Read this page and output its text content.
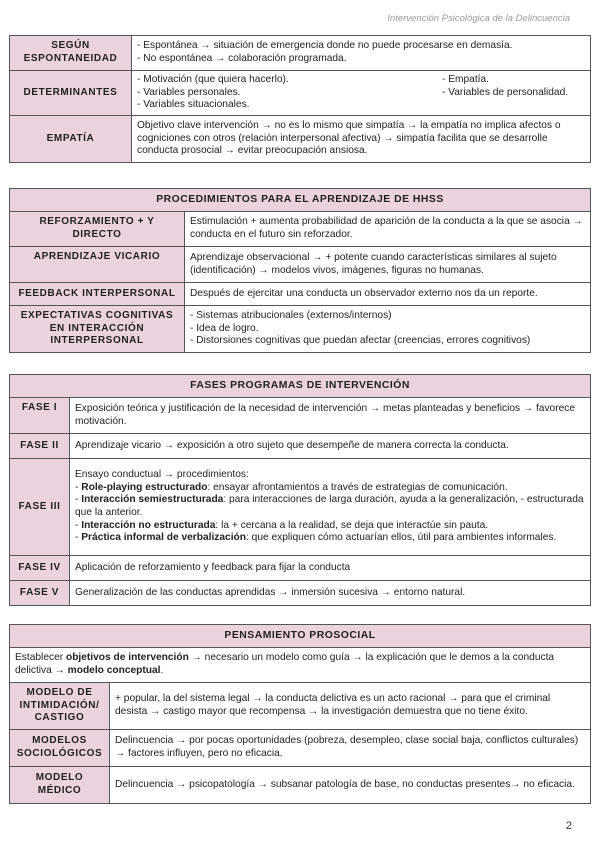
Intervención Psicológica de la Delincuencia
SEGÚN ESPONTANEIDAD	- Espontánea → situación de emergencia donde no puede procesarse en demasía.
- No espontánea → colaboración programada.

DETERMINANTES	- Motivación (que quiera hacerlo).
- Variables personales.
- Variables situacionales.
- Empatía.
- Variables de personalidad.

EMPATÍA	Objetivo clave intervención → no es lo mismo que simpatía → la empatía no implica afectos o cogniciones con otros (relación interpersonal afectiva) → simpatía facilita que se desarrolle conducta prosocial → evitar preocupación ansiosa.
PROCEDIMIENTOS PARA EL APRENDIZAJE DE HHSS	
REFORZAMIENTO + Y DIRECTO	Estimulación + aumenta probabilidad de aparición de la conducta a la que se asocia → conducta en el futuro sin reforzador.
APRENDIZAJE VICARIO	Aprendizaje observacional → + potente cuando características similares al sujeto (identificación) → modelos vivos, imágenes, figuras no humanas.
FEEDBACK INTERPERSONAL	Después de ejercitar una conducta un observador externo nos da un reporte.
EXPECTATIVAS COGNITIVAS EN INTERACCIÓN INTERPERSONAL	- Sistemas atribucionales (externos/internos)
- Idea de logro.
- Distorsiones cognitivas que puedan afectar (creencias, errores cognitivos)
FASES PROGRAMAS DE INTERVENCIÓN	
FASE I	Exposición teórica y justificación de la necesidad de intervención → metas planteadas y beneficios → favorece motivación.
FASE II	Aprendizaje vicario → exposición a otro sujeto que desempeñe de manera correcta la conducta.
FASE III	Ensayo conductual → procedimientos:
- Role-playing estructurado: ensayar afrontamientos a través de estrategias de comunicación.
- Interacción semiestructurada: para interacciones de larga duración, ayuda a la generalización, - estructurada que la anterior.
- Interacción no estructurada: la + cercana a la realidad, se deja que interactúe sin pauta.
- Práctica informal de verbalización: que expliquen cómo actuarían ellos, útil para ambientes informales.

FASE IV	Aplicación de reforzamiento y feedback para fijar la conducta
FASE V	Generalización de las conductas aprendidas → inmersión sucesiva → entorno natural.
PENSAMIENTO PROSOCIAL	
Establecer objetivos de intervención → necesario un modelo como guía → la explicación que le demos a la conducta delictiva → modelo conceptual.	
MODELO DE INTIMIDACIÓN/ CASTIGO	+ popular, la del sistema legal → la conducta delictiva es un acto racional → para que el criminal desista → castigo mayor que recompensa → la investigación demuestra que no tiene éxito.
MODELOS SOCIOLÓGICOS	Delincuencia → por pocas oportunidades (pobreza, desempleo, clase social baja, conflictos culturales) → factores influyen, pero no eficacia.
MODELO MÉDICO	Delincuencia → psicopatología → subsanar patología de base, no conductas presentes→ no eficacia.
2
